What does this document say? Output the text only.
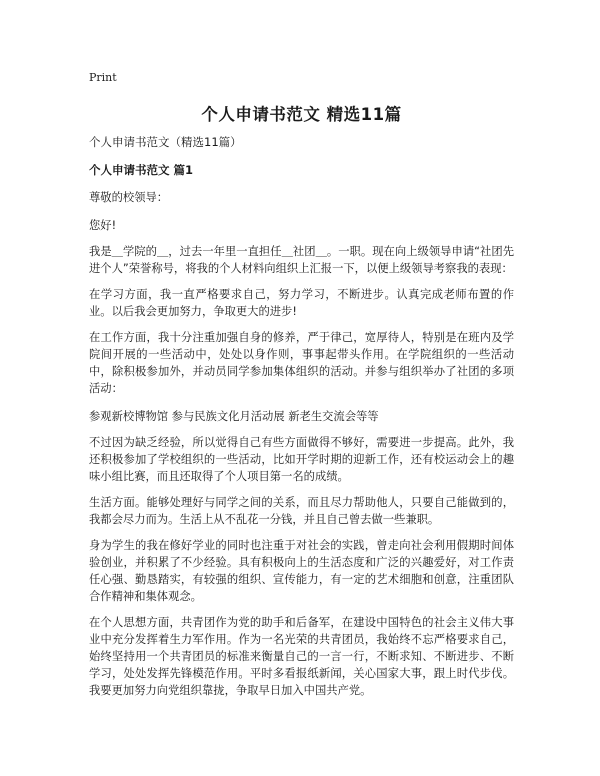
Print
个人申请书范文 精选11篇
个人申请书范文（精选11篇）
个人申请书范文 篇1
尊敬的校领导：
您好!
我是＿学院的＿，过去一年里一直担任＿社团＿。一职。现在向上级领导申请“社团先进个人”荣誉称号，将我的个人材料向组织上汇报一下，以便上级领导考察我的表现：
在学习方面，我一直严格要求自己，努力学习，不断进步。认真完成老师布置的作业。以后我会更加努力，争取更大的进步!
在工作方面，我十分注重加强自身的修养，严于律己，宽厚待人，特别是在班内及学院间开展的一些活动中，处处以身作则，事事起带头作用。在学院组织的一些活动中，除积极参加外，并动员同学参加集体组织的活动。并参与组织举办了社团的多项活动：
参观新校博物馆 参与民族文化月活动展 新老生交流会等等
不过因为缺乏经验，所以觉得自己有些方面做得不够好，需要进一步提高。此外，我还积极参加了学校组织的一些活动，比如开学时期的迎新工作，还有校运动会上的趣味小组比赛，而且还取得了个人项目第一名的成绩。
生活方面。能够处理好与同学之间的关系，而且尽力帮助他人，只要自己能做到的，我都会尽力而为。生活上从不乱花一分钱，并且自己曾去做一些兼职。
身为学生的我在修好学业的同时也注重于对社会的实践，曾走向社会利用假期时间体验创业，并积累了不少经验。具有积极向上的生活态度和广泛的兴趣爱好，对工作责任心强、勤恳踏实，有较强的组织、宣传能力，有一定的艺术细胞和创意，注重团队合作精神和集体观念。
在个人思想方面，共青团作为党的助手和后备军，在建设中国特色的社会主义伟大事业中充分发挥着生力军作用。作为一名光荣的共青团员，我始终不忘严格要求自己，始终坚持用一个共青团员的标准来衡量自己的一言一行，不断求知、不断进步、不断学习，处处发挥先锋模范作用。平时多看报纸新闻，关心国家大事，跟上时代步伐。我要更加努力向党组织靠拢，争取早日加入中国共产党。
